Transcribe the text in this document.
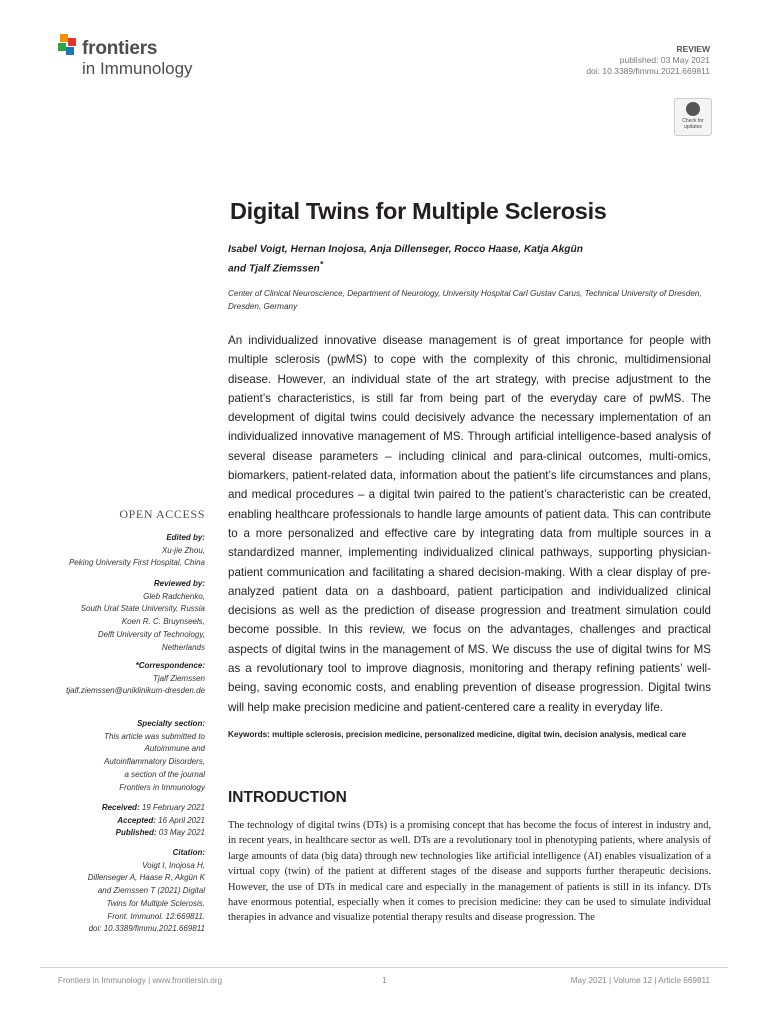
frontiers
in Immunology
REVIEW
published: 03 May 2021
doi: 10.3389/fimmu.2021.669811
Check for updates
Digital Twins for Multiple Sclerosis
Isabel Voigt, Hernan Inojosa, Anja Dillenseger, Rocco Haase, Katja Akgün
and Tjalf Ziemssen*
Center of Clinical Neuroscience, Department of Neurology, University Hospital Carl Gustav Carus, Technical University of Dresden, Dresden, Germany
An individualized innovative disease management is of great importance for people with multiple sclerosis (pwMS) to cope with the complexity of this chronic, multidimensional disease. However, an individual state of the art strategy, with precise adjustment to the patient’s characteristics, is still far from being part of the everyday care of pwMS. The development of digital twins could decisively advance the necessary implementation of an individualized innovative management of MS. Through artificial intelligence-based analysis of several disease parameters – including clinical and para-clinical outcomes, multi-omics, biomarkers, patient-related data, information about the patient’s life circumstances and plans, and medical procedures – a digital twin paired to the patient’s characteristic can be created, enabling healthcare professionals to handle large amounts of patient data. This can contribute to a more personalized and effective care by integrating data from multiple sources in a standardized manner, implementing individualized clinical pathways, supporting physician-patient communication and facilitating a shared decision-making. With a clear display of pre-analyzed patient data on a dashboard, patient participation and individualized clinical decisions as well as the prediction of disease progression and treatment simulation could become possible. In this review, we focus on the advantages, challenges and practical aspects of digital twins in the management of MS. We discuss the use of digital twins for MS as a revolutionary tool to improve diagnosis, monitoring and therapy refining patients’ well-being, saving economic costs, and enabling prevention of disease progression. Digital twins will help make precision medicine and patient-centered care a reality in everyday life.
Keywords: multiple sclerosis, precision medicine, personalized medicine, digital twin, decision analysis, medical care
INTRODUCTION
The technology of digital twins (DTs) is a promising concept that has become the focus of interest in industry and, in recent years, in healthcare sector as well. DTs are a revolutionary tool in phenotyping patients, where analysis of large amounts of data (big data) through new technologies like artificial intelligence (AI) enables visualization of a virtual copy (twin) of the patient at different stages of the disease and supports further therapeutic decisions. However, the use of DTs in medical care and especially in the management of patients is still in its infancy. DTs have enormous potential, especially when it comes to precision medicine: they can be used to simulate individual therapies in advance and visualize potential therapy results and disease progression. The
OPEN ACCESS
Edited by:
Xu-jie Zhou,
Peking University First Hospital, China
Reviewed by:
Gleb Radchenko,
South Ural State University, Russia
Koen R. C. Bruynseels,
Delft University of Technology,
Netherlands
*Correspondence:
Tjalf Ziemssen
tjalf.ziemssen@uniklinikum-dresden.de
Specialty section:
This article was submitted to
Autoimmune and
Autoinflammatory Disorders,
a section of the journal
Frontiers in Immunology
Received: 19 February 2021
Accepted: 16 April 2021
Published: 03 May 2021
Citation:
Voigt I, Inojosa H,
Dillenseger A, Haase R, Akgün K
and Ziemssen T (2021) Digital
Twins for Multiple Sclerosis.
Front. Immunol. 12:669811.
doi: 10.3389/fimmu.2021.669811
Frontiers in Immunology | www.frontiersin.org	1	May 2021 | Volume 12 | Article 669811
